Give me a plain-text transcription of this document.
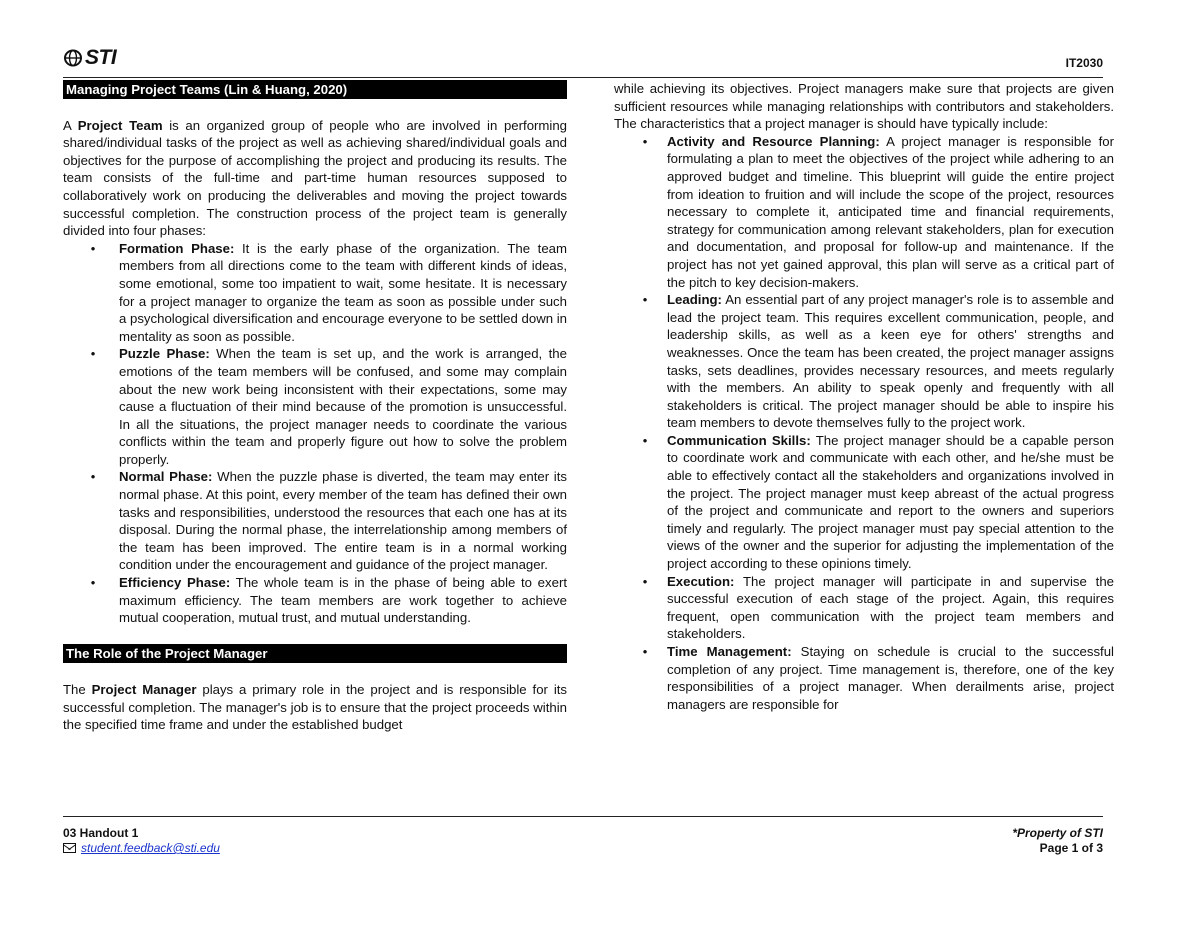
STI	IT2030
Managing Project Teams (Lin & Huang, 2020)

A Project Team is an organized group of people who are involved in performing shared/individual tasks of the project as well as achieving shared/individual goals and objectives for the purpose of accomplishing the project and producing its results. The team consists of the full-time and part-time human resources supposed to collaboratively work on producing the deliverables and moving the project towards successful completion. The construction process of the project team is generally divided into four phases:

• Formation Phase: It is the early phase of the organization. The team members from all directions come to the team with different kinds of ideas, some emotional, some too impatient to wait, some hesitate. It is necessary for a project manager to organize the team as soon as possible under such a psychological diversification and encourage everyone to be settled down in mentality as soon as possible.
• Puzzle Phase: When the team is set up, and the work is arranged, the emotions of the team members will be confused, and some may complain about the new work being inconsistent with their expectations, some may cause a fluctuation of their mind because of the promotion is unsuccessful. In all the situations, the project manager needs to coordinate the various conflicts within the team and properly figure out how to solve the problem properly.
• Normal Phase: When the puzzle phase is diverted, the team may enter its normal phase. At this point, every member of the team has defined their own tasks and responsibilities, understood the resources that each one has at its disposal. During the normal phase, the interrelationship among members of the team has been improved. The entire team is in a normal working condition under the encouragement and guidance of the project manager.
• Efficiency Phase: The whole team is in the phase of being able to exert maximum efficiency. The team members are work together to achieve mutual cooperation, mutual trust, and mutual understanding.
The Role of the Project Manager

The Project Manager plays a primary role in the project and is responsible for its successful completion. The manager's job is to ensure that the project proceeds within the specified time frame and under the established budget

while achieving its objectives. Project managers make sure that projects are given sufficient resources while managing relationships with contributors and stakeholders. The characteristics that a project manager is should have typically include:

• Activity and Resource Planning: A project manager is responsible for formulating a plan to meet the objectives of the project while adhering to an approved budget and timeline. This blueprint will guide the entire project from ideation to fruition and will include the scope of the project, resources necessary to complete it, anticipated time and financial requirements, strategy for communication among relevant stakeholders, plan for execution and documentation, and proposal for follow-up and maintenance. If the project has not yet gained approval, this plan will serve as a critical part of the pitch to key decision-makers.
• Leading: An essential part of any project manager's role is to assemble and lead the project team. This requires excellent communication, people, and leadership skills, as well as a keen eye for others' strengths and weaknesses. Once the team has been created, the project manager assigns tasks, sets deadlines, provides necessary resources, and meets regularly with the members. An ability to speak openly and frequently with all stakeholders is critical. The project manager should be able to inspire his team members to devote themselves fully to the project work.
• Communication Skills: The project manager should be a capable person to coordinate work and communicate with each other, and he/she must be able to effectively contact all the stakeholders and organizations involved in the project. The project manager must keep abreast of the actual progress of the project and communicate and report to the owners and superiors timely and regularly. The project manager must pay special attention to the views of the owner and the superior for adjusting the implementation of the project according to these opinions timely.
• Execution: The project manager will participate in and supervise the successful execution of each stage of the project. Again, this requires frequent, open communication with the project team members and stakeholders.
• Time Management: Staying on schedule is crucial to the successful completion of any project. Time management is, therefore, one of the key responsibilities of a project manager. When derailments arise, project managers are responsible for
03 Handout 1
student.feedback@sti.edu
*Property of STI
Page 1 of 3
